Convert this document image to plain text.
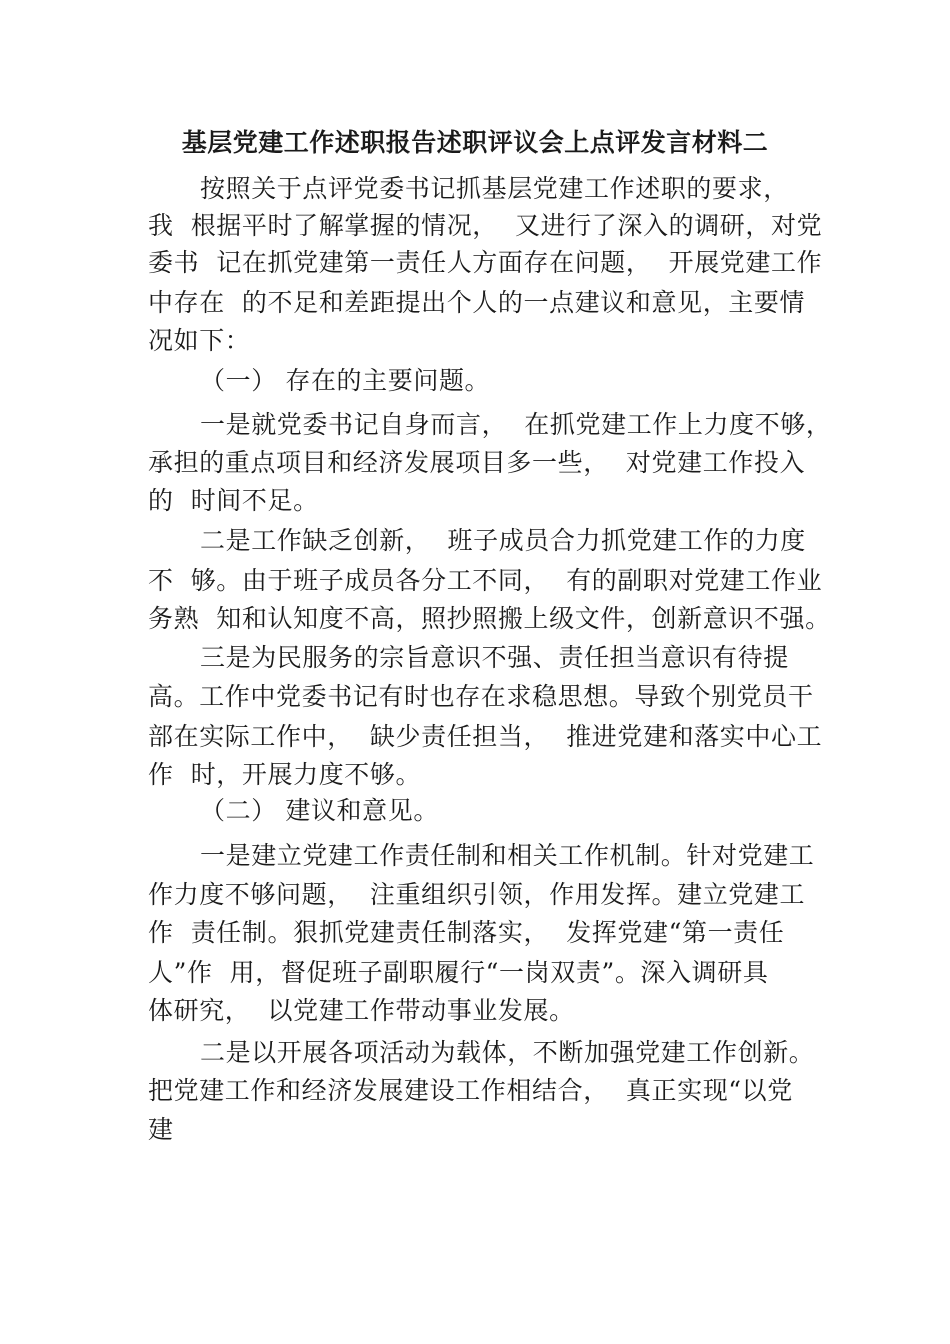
基层党建工作述职报告述职评议会上点评发言材料二
按照关于点评党委书记抓基层党建工作述职的要求，
我  根据平时了解掌握的情况，  又进行了深入的调研，对党
委书  记在抓党建第一责任人方面存在问题，  开展党建工作
中存在  的不足和差距提出个人的一点建议和意见，主要情
况如下：
（一） 存在的主要问题。
一是就党委书记自身而言，  在抓党建工作上力度不够，
承担的重点项目和经济发展项目多一些，  对党建工作投入
的  时间不足。
二是工作缺乏创新，  班子成员合力抓党建工作的力度
不  够。由于班子成员各分工不同，  有的副职对党建工作业
务熟  知和认知度不高，照抄照搬上级文件，创新意识不强。
三是为民服务的宗旨意识不强、责任担当意识有待提
高。工作中党委书记有时也存在求稳思想。导致个别党员干
部在实际工作中，  缺少责任担当，  推进党建和落实中心工
作  时，开展力度不够。
（二） 建议和意见。
一是建立党建工作责任制和相关工作机制。针对党建工
作力度不够问题，  注重组织引领，作用发挥。建立党建工
作  责任制。狠抓党建责任制落实，  发挥党建“第一责任
人”作  用，督促班子副职履行“一岗双责”。深入调研具
体研究，  以党建工作带动事业发展。
二是以开展各项活动为载体，不断加强党建工作创新。
把党建工作和经济发展建设工作相结合，  真正实现“以党
建
